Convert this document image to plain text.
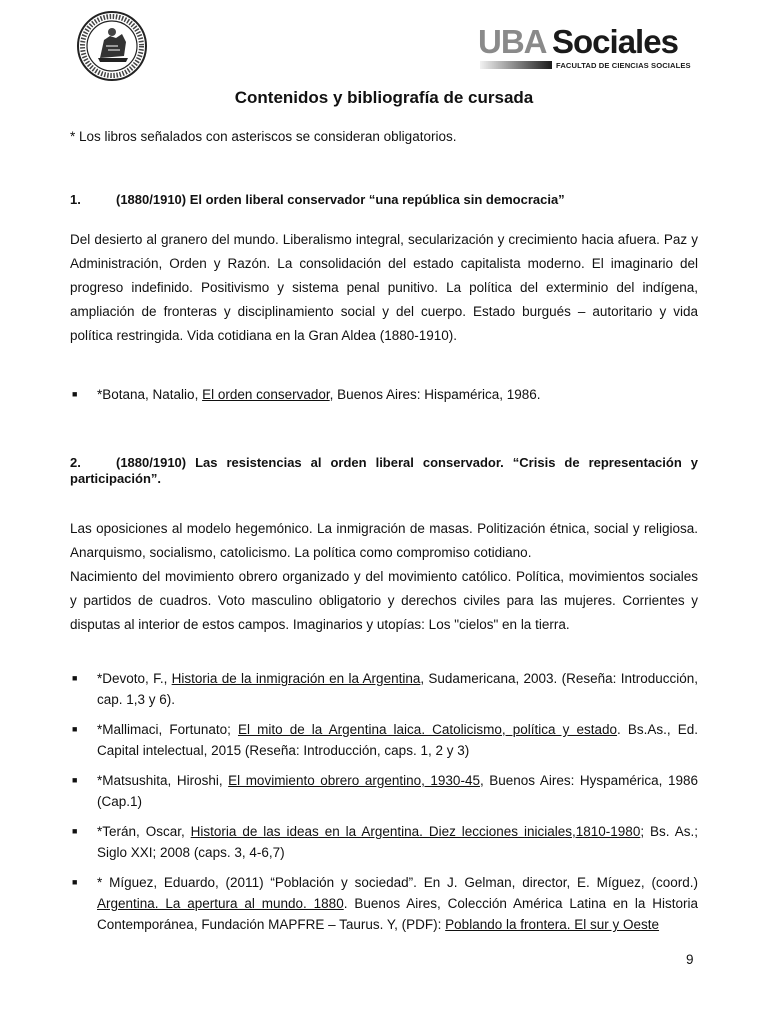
UBA Sociales
FACULTAD DE CIENCIAS SOCIALES
Contenidos y bibliografía de cursada

* Los libros señalados con asteriscos se consideran obligatorios.

1.	(1880/1910) El orden liberal conservador “una república sin democracia”

Del desierto al granero del mundo. Liberalismo integral, secularización y crecimiento hacia afuera. Paz y Administración, Orden y Razón. La consolidación del estado capitalista moderno. El imaginario del progreso indefinido. Positivismo y sistema penal punitivo. La política del exterminio del indígena, ampliación de fronteras y disciplinamiento social y del cuerpo. Estado burgués – autoritario y vida política restringida. Vida cotidiana en la Gran Aldea (1880-1910).

■ *Botana, Natalio, El orden conservador, Buenos Aires: Hispamérica, 1986.

2.	(1880/1910) Las resistencias al orden liberal conservador. “Crisis de representación y participación”.

Las oposiciones al modelo hegemónico. La inmigración de masas. Politización étnica, social y religiosa. Anarquismo, socialismo, catolicismo. La política como compromiso cotidiano.

Nacimiento del movimiento obrero organizado y del movimiento católico. Política, movimientos sociales y partidos de cuadros. Voto masculino obligatorio y derechos civiles para las mujeres. Corrientes y disputas al interior de estos campos. Imaginarios y utopías: Los "cielos" en la tierra.

■ *Devoto, F., Historia de la inmigración en la Argentina, Sudamericana, 2003. (Reseña: Introducción, cap. 1,3 y 6).
■ *Mallimaci, Fortunato; El mito de la Argentina laica. Catolicismo, política y estado. Bs.As., Ed. Capital intelectual, 2015 (Reseña: Introducción, caps. 1, 2 y 3)
■ *Matsushita, Hiroshi, El movimiento obrero argentino, 1930-45, Buenos Aires: Hyspamérica, 1986 (Cap.1)
■ *Terán, Oscar, Historia de las ideas en la Argentina. Diez lecciones iniciales,1810-1980; Bs. As.; Siglo XXI; 2008 (caps. 3, 4-6,7)
■ * Míguez, Eduardo, (2011) “Población y sociedad”. En J. Gelman, director, E. Míguez, (coord.) Argentina. La apertura al mundo. 1880. Buenos Aires, Colección América Latina en la Historia Contemporánea, Fundación MAPFRE – Taurus. Y, (PDF): Poblando la frontera. El sur y Oeste
9
